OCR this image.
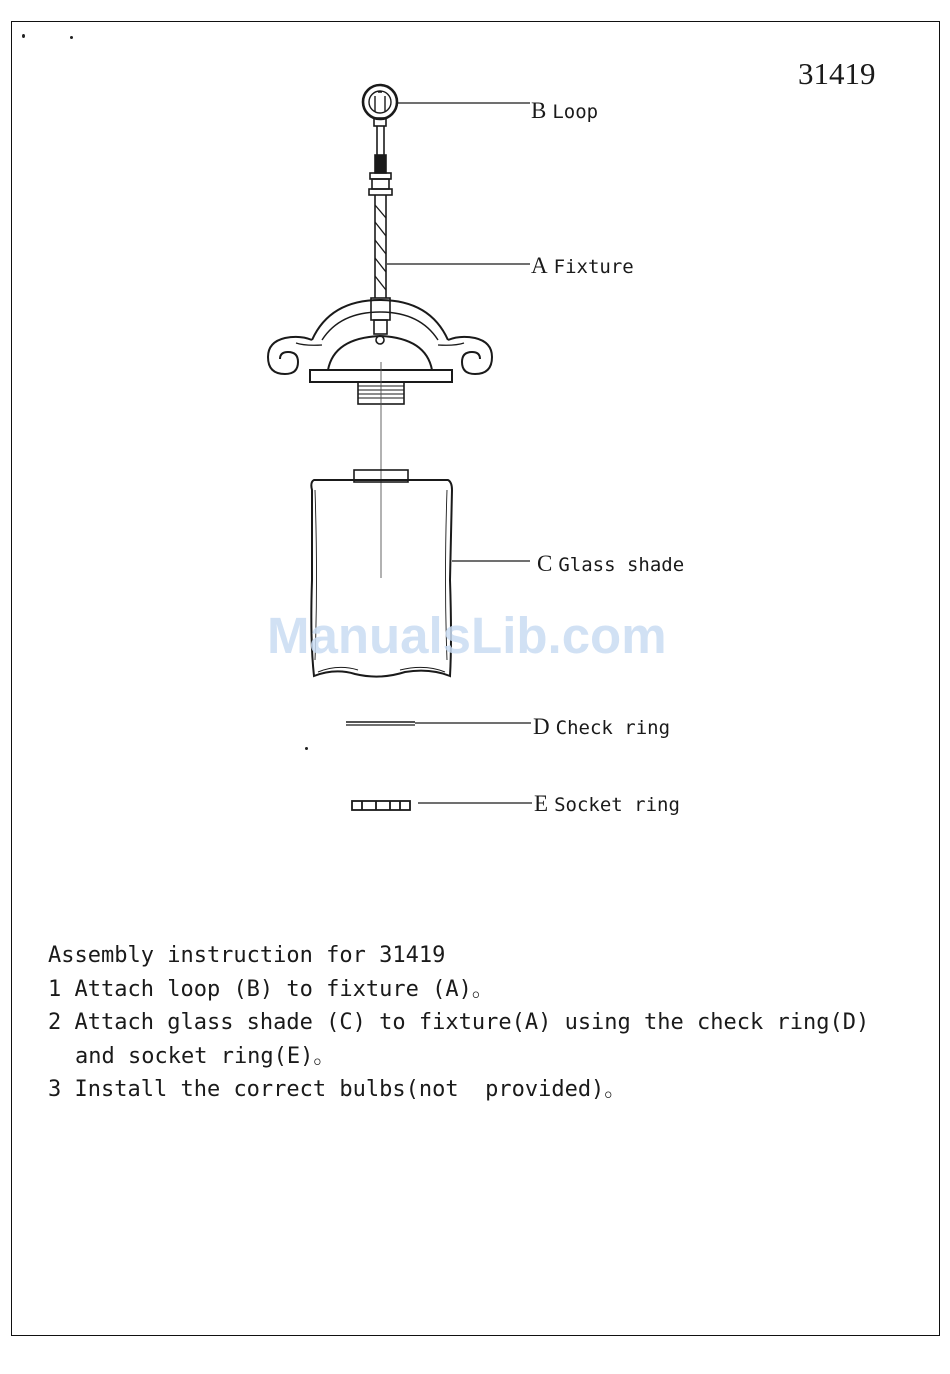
31419
B Loop
A Fixture
C Glass shade
D Check ring
E Socket ring
ManualsLib.com
Assembly instruction for 31419
1 Attach loop (B) to fixture (A)。
2 Attach glass shade (C) to fixture(A) using the check ring(D)
and socket ring(E)。
3 Install the correct bulbs(not  provided)。
